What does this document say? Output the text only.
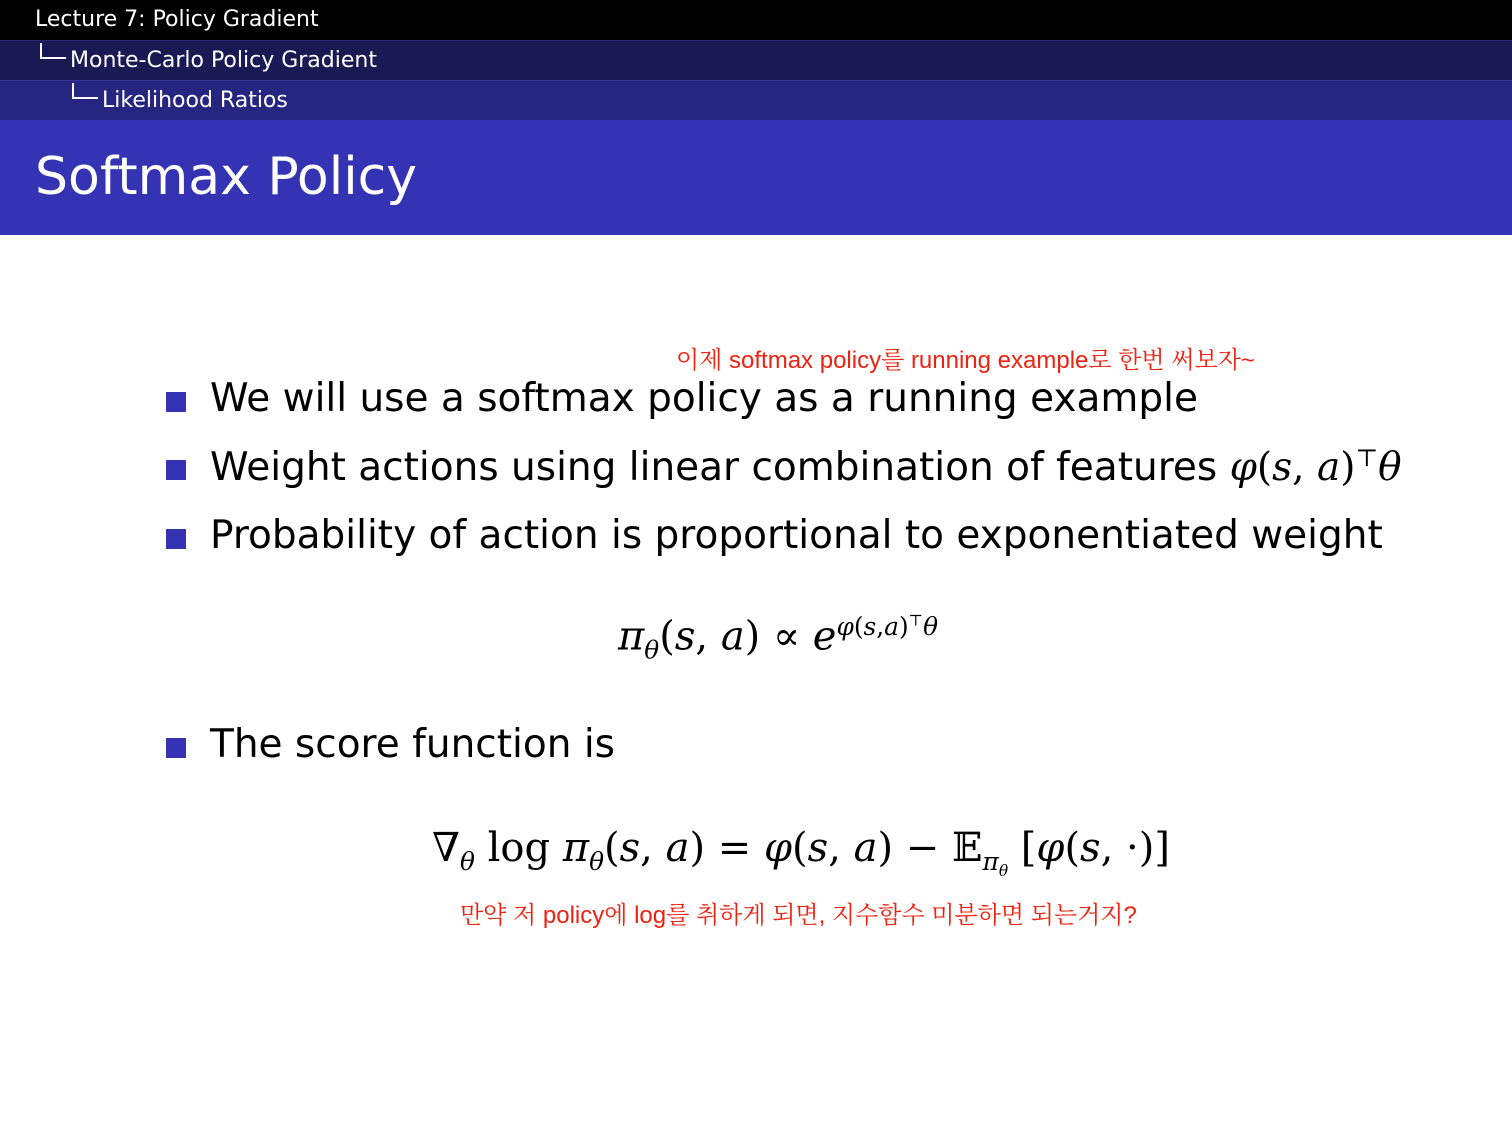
Lecture 7: Policy Gradient
Monte-Carlo Policy Gradient
Likelihood Ratios
Softmax Policy
이제 softmax policy를 running example로 한번 써보자~
We will use a softmax policy as a running example
Weight actions using linear combination of features φ(s, a)⊤θ
Probability of action is proportional to exponentiated weight
$\pi_\theta(s$, $a) \propto e^{\varphi(s,a)^⊤\theta}$
The score function is
$\nabla_\theta$ $\log \pi_\theta(s$, a) = φ(s, a) − 𝔼$_{\pi_\theta}$ [φ(s, ·)]
만약 저 policy에 log를 취하게 되면, 지수함수 미분하면 되는거지?
